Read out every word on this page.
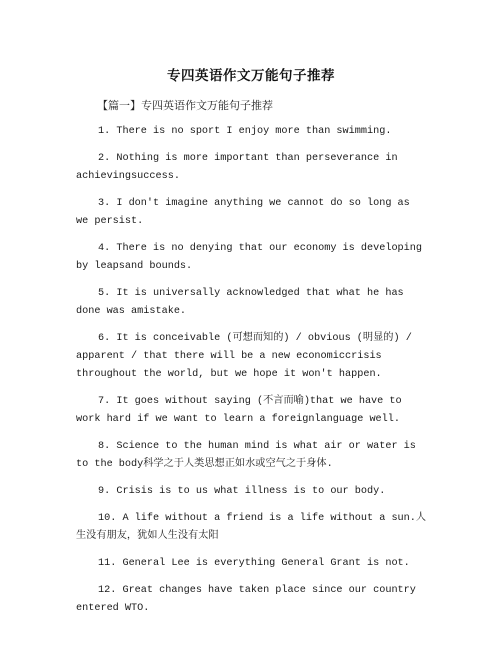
专四英语作文万能句子推荐
【篇一】专四英语作文万能句子推荐
1. There is no sport I enjoy more than swimming.
2. Nothing is more important than perseverance in achievingsuccess.
3. I don't imagine anything we cannot do so long as we persist.
4. There is no denying that our economy is developing by leapsand bounds.
5. It is universally acknowledged that what he has done was amistake.
6. It is conceivable (可想而知的) / obvious (明显的) / apparent / that there will be a new economiccrisis throughout the world, but we hope it won't happen.
7. It goes without saying (不言而喻)that we have to work hard if we want to learn a foreignlanguage well.
8. Science to the human mind is what air or water is to the body科学之于人类思想正如水或空气之于身体.
9. Crisis is to us what illness is to our body.
10. A life without a friend is a life without a sun.人生没有朋友，犹如人生没有太阳
11. General Lee is everything General Grant is not.
12. Great changes have taken place since our country entered WTO.
